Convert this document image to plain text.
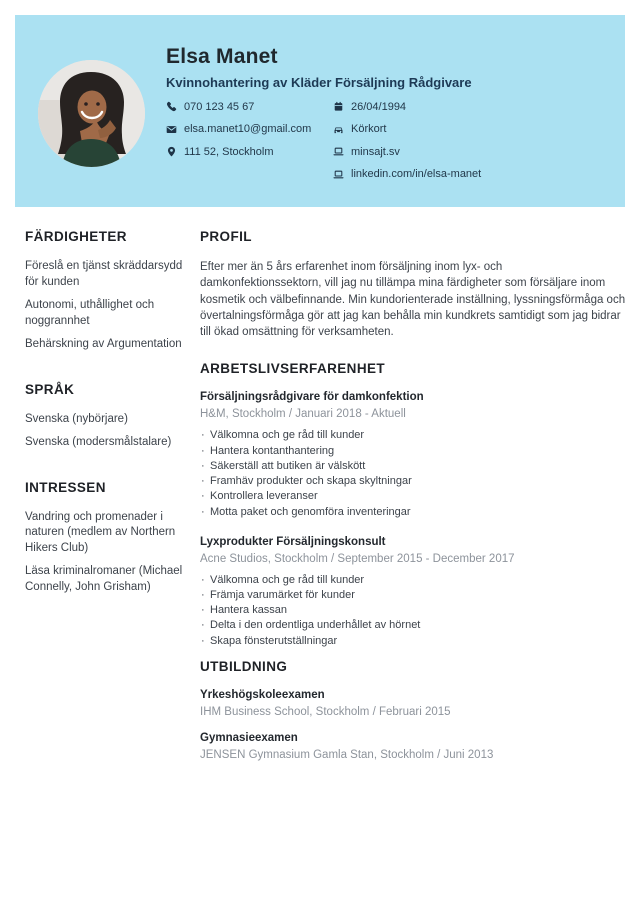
Elsa Manet
Kvinnohantering av Kläder Försäljning Rådgivare
070 123 45 67
elsa.manet10@gmail.com
111 52, Stockholm
26/04/1994
Körkort
minsajt.sv
linkedin.com/in/elsa-manet
FÄRDIGHETER
Föreslå en tjänst skräddarsydd för kunden
Autonomi, uthållighet och noggrannhet
Behärskning av Argumentation
SPRÅK
Svenska (nybörjare)
Svenska (modersmålstalare)
INTRESSEN
Vandring och promenader i naturen (medlem av Northern Hikers Club)
Läsa kriminalromaner (Michael Connelly, John Grisham)
PROFIL
Efter mer än 5 års erfarenhet inom försäljning inom lyx- och damkonfektionssektorn, vill jag nu tillämpa mina färdigheter som försäljare inom kosmetik och välbefinnande. Min kundorienterade inställning, lyssningsförmåga och övertalningsförmåga gör att jag kan behålla min kundkrets samtidigt som jag bidrar till ökad omsättning för verksamheten.
ARBETSLIVSERFARENHET
Försäljningsrådgivare för damkonfektion
H&M, Stockholm / Januari 2018 - Aktuell
· Välkomna och ge råd till kunder
· Hantera kontanthantering
· Säkerställ att butiken är välskött
· Framhäv produkter och skapa skyltningar
· Kontrollera leveranser
· Motta paket och genomföra inventeringar
Lyxprodukter Försäljningskonsult
Acne Studios, Stockholm / September 2015 - December 2017
· Välkomna och ge råd till kunder
· Främja varumärket för kunder
· Hantera kassan
· Delta i den ordentliga underhållet av hörnet
· Skapa fönsterutställningar
UTBILDNING
Yrkeshögskoleexamen
IHM Business School, Stockholm / Februari 2015
Gymnasieexamen
JENSEN Gymnasium Gamla Stan, Stockholm / Juni 2013
